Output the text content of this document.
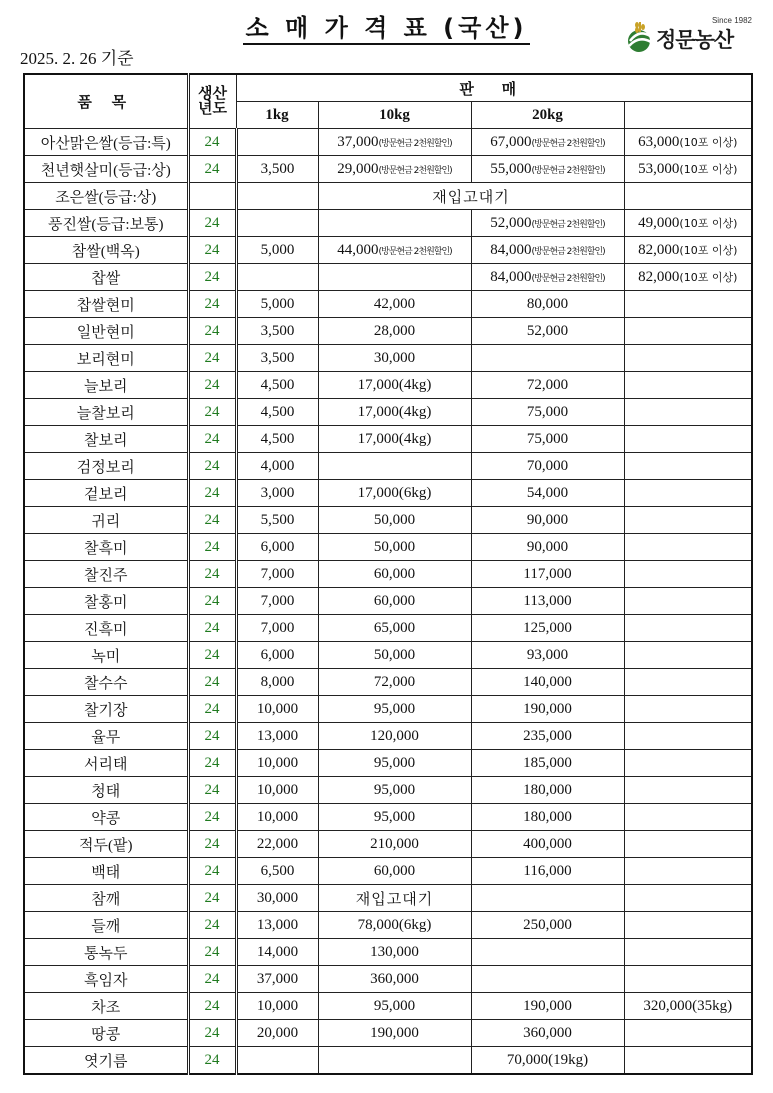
소 매 가 격 표 (국산)
2025. 2. 26 기준
Since 1982
정문농산
품 목	생산
년도	판 매			
		1kg	10kg	20kg	
아산맑은쌀(등급:특)	24		37,000(방문현금 2천원할인)	67,000(방문현금 2천원할인)	63,000(10포 이상)
천년햇살미(등급:상)	24	3,500	29,000(방문현금 2천원할인)	55,000(방문현금 2천원할인)	53,000(10포 이상)
조은쌀(등급:상)			재입고대기		
풍진쌀(등급:보통)	24			52,000(방문현금 2천원할인)	49,000(10포 이상)
참쌀(백옥)	24	5,000	44,000(방문현금 2천원할인)	84,000(방문현금 2천원할인)	82,000(10포 이상)
찹쌀	24			84,000(방문현금 2천원할인)	82,000(10포 이상)
찹쌀현미	24	5,000	42,000	80,000	
일반현미	24	3,500	28,000	52,000	
보리현미	24	3,500	30,000		
늘보리	24	4,500	17,000(4kg)	72,000	
늘찰보리	24	4,500	17,000(4kg)	75,000	
찰보리	24	4,500	17,000(4kg)	75,000	
검정보리	24	4,000		70,000	
겉보리	24	3,000	17,000(6kg)	54,000	
귀리	24	5,500	50,000	90,000	
찰흑미	24	6,000	50,000	90,000	
찰진주	24	7,000	60,000	117,000	
찰홍미	24	7,000	60,000	113,000	
진흑미	24	7,000	65,000	125,000	
녹미	24	6,000	50,000	93,000	
찰수수	24	8,000	72,000	140,000	
찰기장	24	10,000	95,000	190,000	
율무	24	13,000	120,000	235,000	
서리태	24	10,000	95,000	185,000	
청태	24	10,000	95,000	180,000	
약콩	24	10,000	95,000	180,000	
적두(팥)	24	22,000	210,000	400,000	
백태	24	6,500	60,000	116,000	
참깨	24	30,000	재입고대기		
들깨	24	13,000	78,000(6kg)	250,000	
통녹두	24	14,000	130,000		
흑임자	24	37,000	360,000		
차조	24	10,000	95,000	190,000	320,000(35kg)
땅콩	24	20,000	190,000	360,000	
엿기름	24			70,000(19kg)	
